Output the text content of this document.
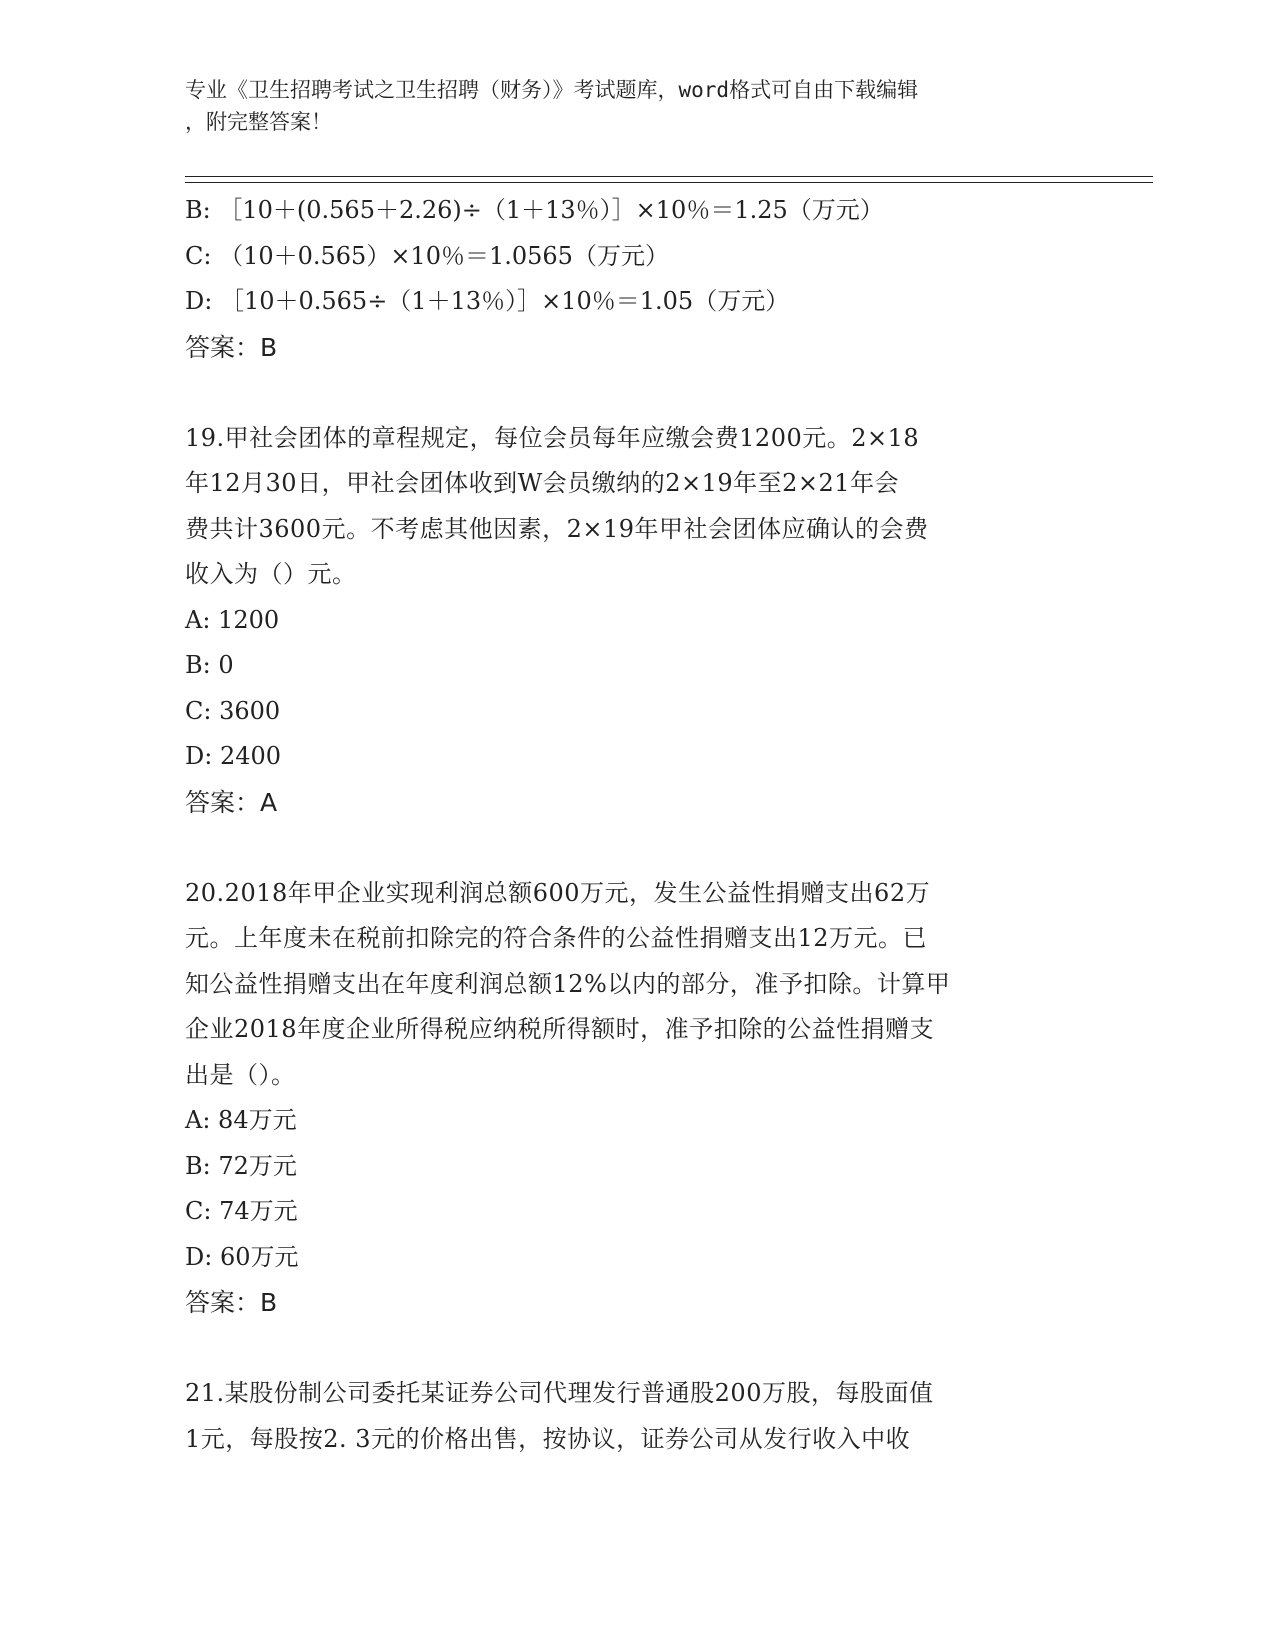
专业《卫生招聘考试之卫生招聘（财务）》考试题库，word格式可自由下载编辑
，附完整答案！
B: ［10＋(0.565＋2.26)÷（1＋13％）］×10％＝1.25（万元）
C: （10＋0.565）×10％＝1.0565（万元）
D: ［10＋0.565÷（1＋13％）］×10％＝1.05（万元）
答案：B
19.甲社会团体的章程规定，每位会员每年应缴会费1200元。2×18
年12月30日，甲社会团体收到W会员缴纳的2×19年至2×21年会
费共计3600元。不考虑其他因素，2×19年甲社会团体应确认的会费
收入为（）元。
A: 1200
B: 0
C: 3600
D: 2400
答案：A
20.2018年甲企业实现利润总额600万元，发生公益性捐赠支出62万
元。上年度未在税前扣除完的符合条件的公益性捐赠支出12万元。已
知公益性捐赠支出在年度利润总额12%以内的部分，准予扣除。计算甲
企业2018年度企业所得税应纳税所得额时，准予扣除的公益性捐赠支
出是（）。
A: 84万元
B: 72万元
C: 74万元
D: 60万元
答案：B
21.某股份制公司委托某证券公司代理发行普通股200万股，每股面值
1元，每股按2. 3元的价格出售，按协议，证券公司从发行收入中收
